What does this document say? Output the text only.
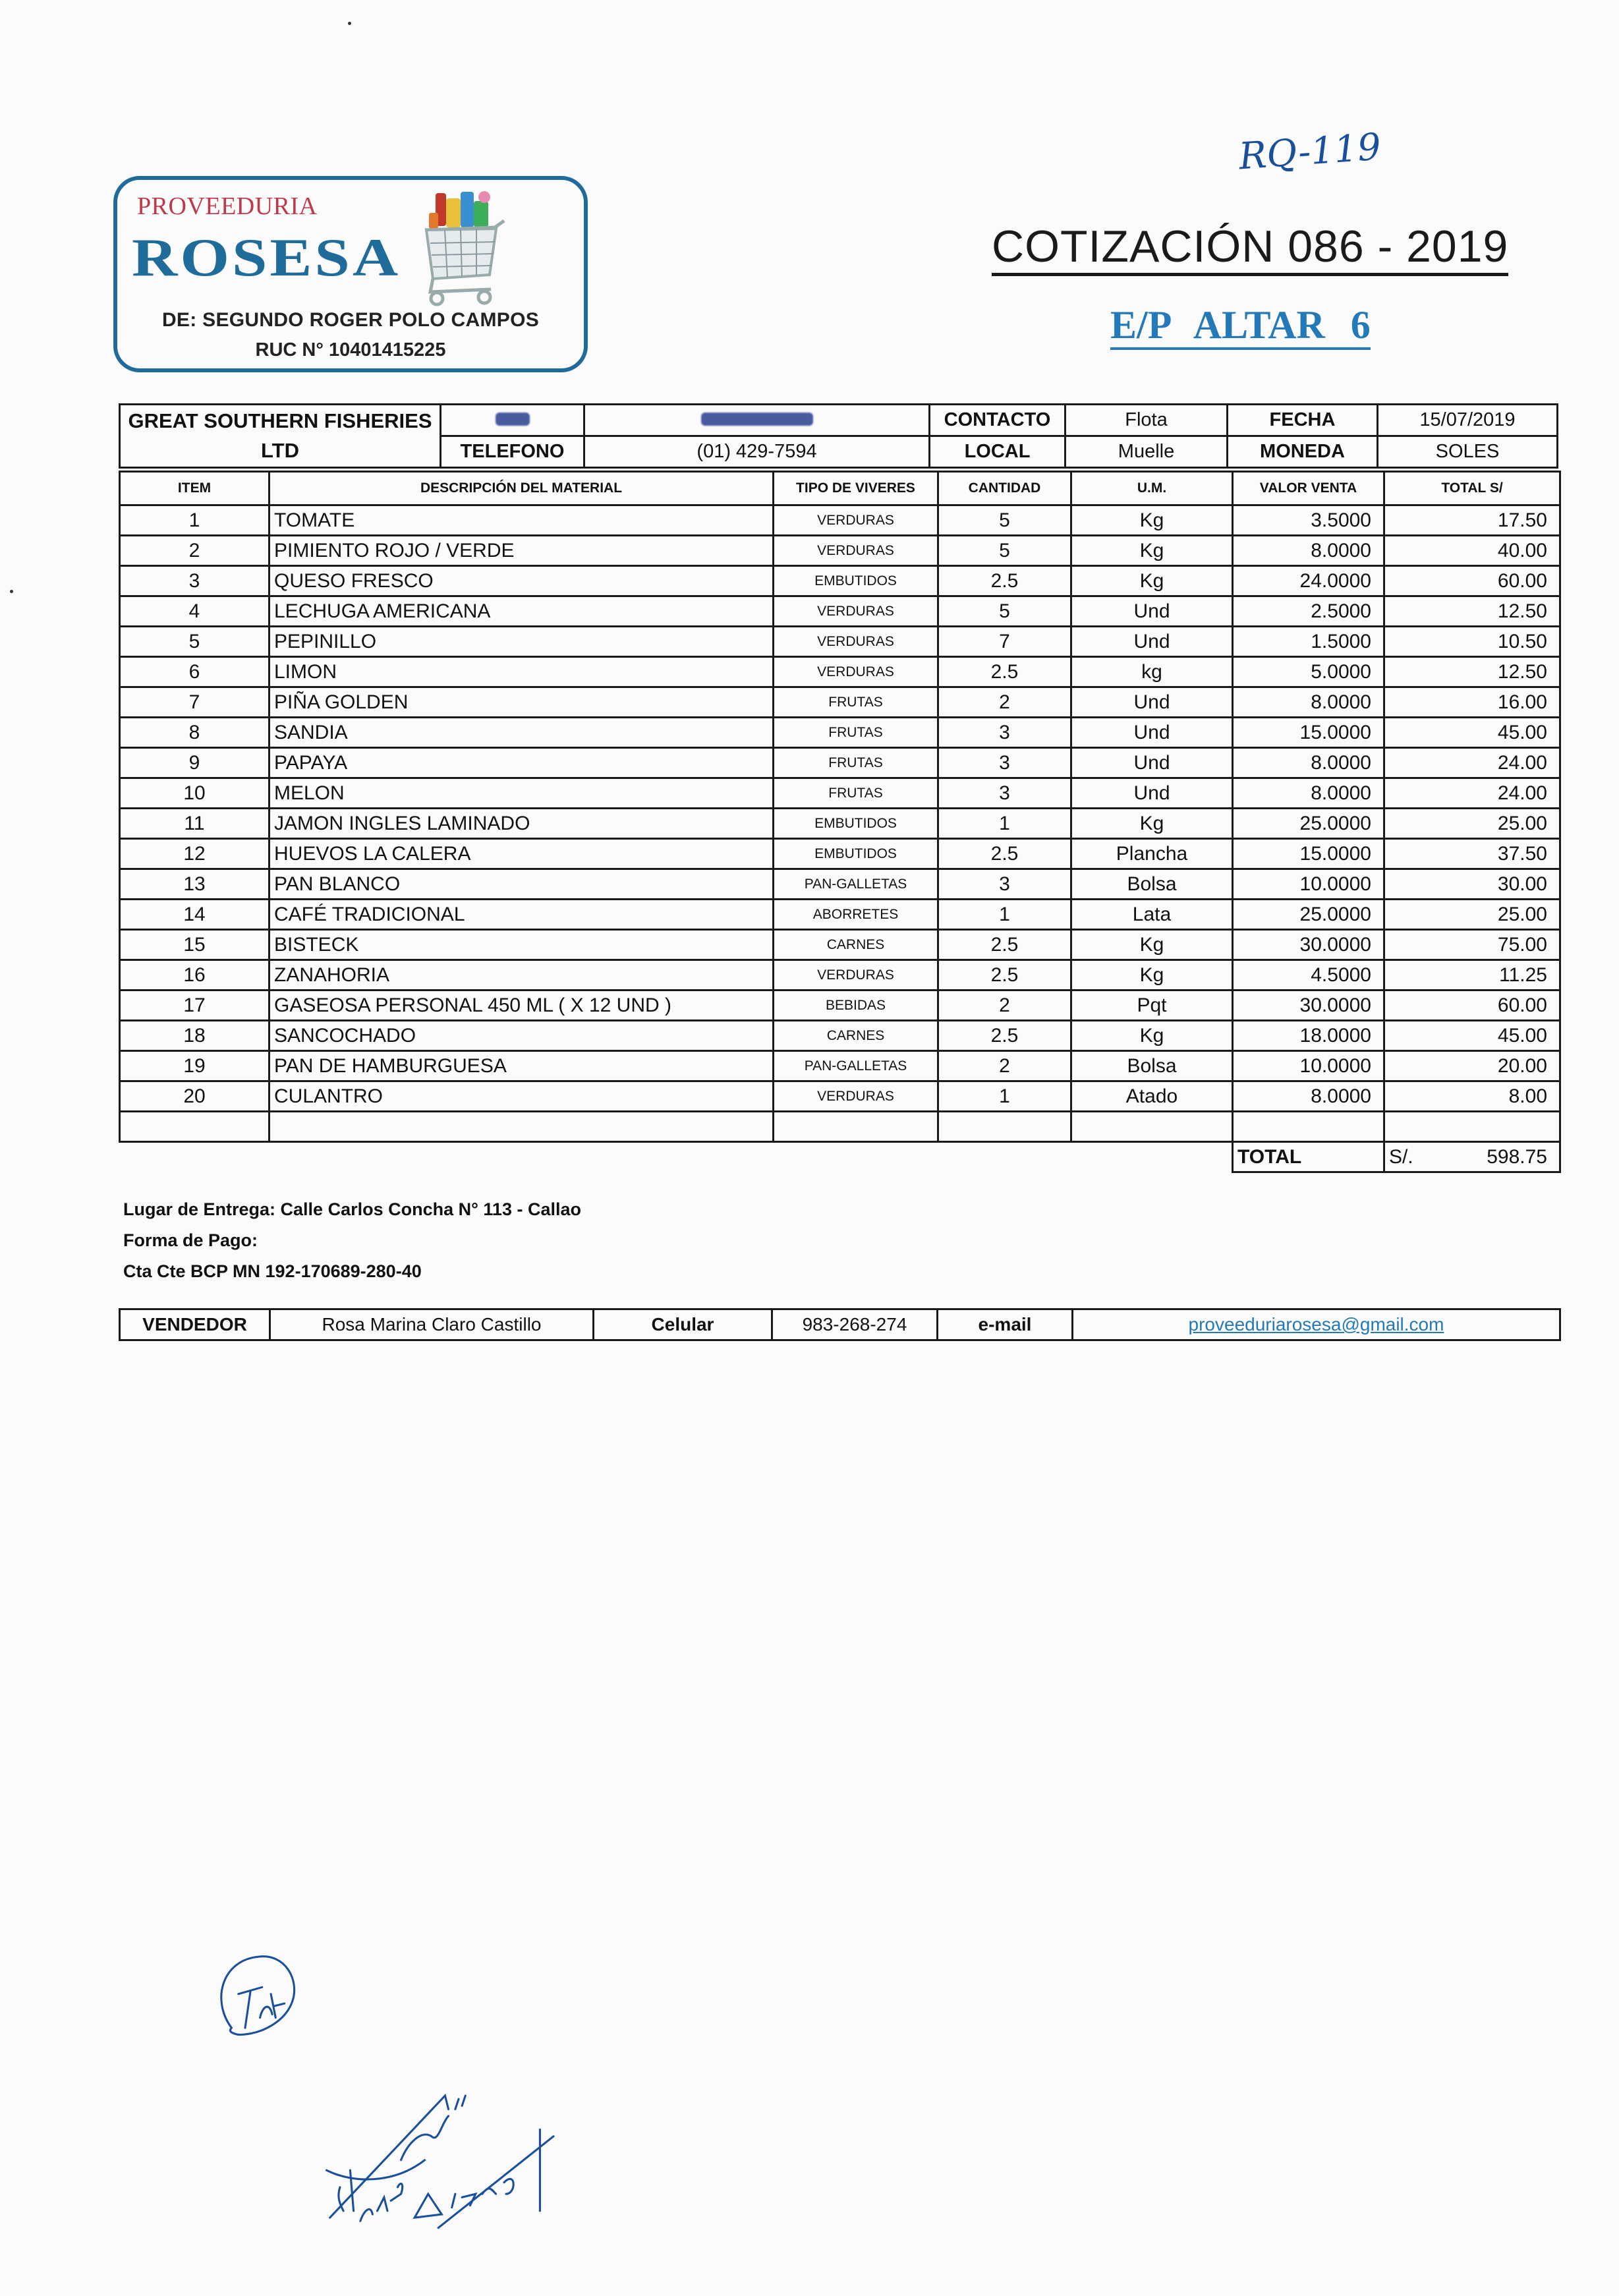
PROVEEDURIA
ROSESA
DE: SEGUNDO ROGER POLO CAMPOS
RUC N° 10401415225
RQ-119
COTIZACIÓN 086 - 2019
E/P ALTAR 6
GREAT SOUTHERN FISHERIES LTD			CONTACTO	Flota	FECHA	15/07/2019
	TELEFONO	(01) 429-7594	LOCAL	Muelle	MONEDA	SOLES
ITEM	DESCRIPCIÓN DEL MATERIAL	TIPO DE VIVERES	CANTIDAD	U.M.	VALOR VENTA	TOTAL S/
1	TOMATE	VERDURAS	5	Kg	3.5000	17.50
2	PIMIENTO ROJO / VERDE	VERDURAS	5	Kg	8.0000	40.00
3	QUESO FRESCO	EMBUTIDOS	2.5	Kg	24.0000	60.00
4	LECHUGA AMERICANA	VERDURAS	5	Und	2.5000	12.50
5	PEPINILLO	VERDURAS	7	Und	1.5000	10.50
6	LIMON	VERDURAS	2.5	kg	5.0000	12.50
7	PIÑA GOLDEN	FRUTAS	2	Und	8.0000	16.00
8	SANDIA	FRUTAS	3	Und	15.0000	45.00
9	PAPAYA	FRUTAS	3	Und	8.0000	24.00
10	MELON	FRUTAS	3	Und	8.0000	24.00
11	JAMON INGLES LAMINADO	EMBUTIDOS	1	Kg	25.0000	25.00
12	HUEVOS LA CALERA	EMBUTIDOS	2.5	Plancha	15.0000	37.50
13	PAN BLANCO	PAN-GALLETAS	3	Bolsa	10.0000	30.00
14	CAFÉ TRADICIONAL	ABORRETES	1	Lata	25.0000	25.00
15	BISTECK	CARNES	2.5	Kg	30.0000	75.00
16	ZANAHORIA	VERDURAS	2.5	Kg	4.5000	11.25
17	GASEOSA PERSONAL 450 ML ( X 12 UND )	BEBIDAS	2	Pqt	30.0000	60.00
18	SANCOCHADO	CARNES	2.5	Kg	18.0000	45.00
19	PAN DE HAMBURGUESA	PAN-GALLETAS	2	Bolsa	10.0000	20.00
20	CULANTRO	VERDURAS	1	Atado	8.0000	8.00

					TOTAL	S/. 598.75
Lugar de Entrega: Calle Carlos Concha N° 113 - Callao
Forma de Pago:
Cta Cte BCP MN 192-170689-280-40
VENDEDOR	Rosa Marina Claro Castillo	Celular	983-268-274	e-mail	proveeduriarosesa@gmail.com
